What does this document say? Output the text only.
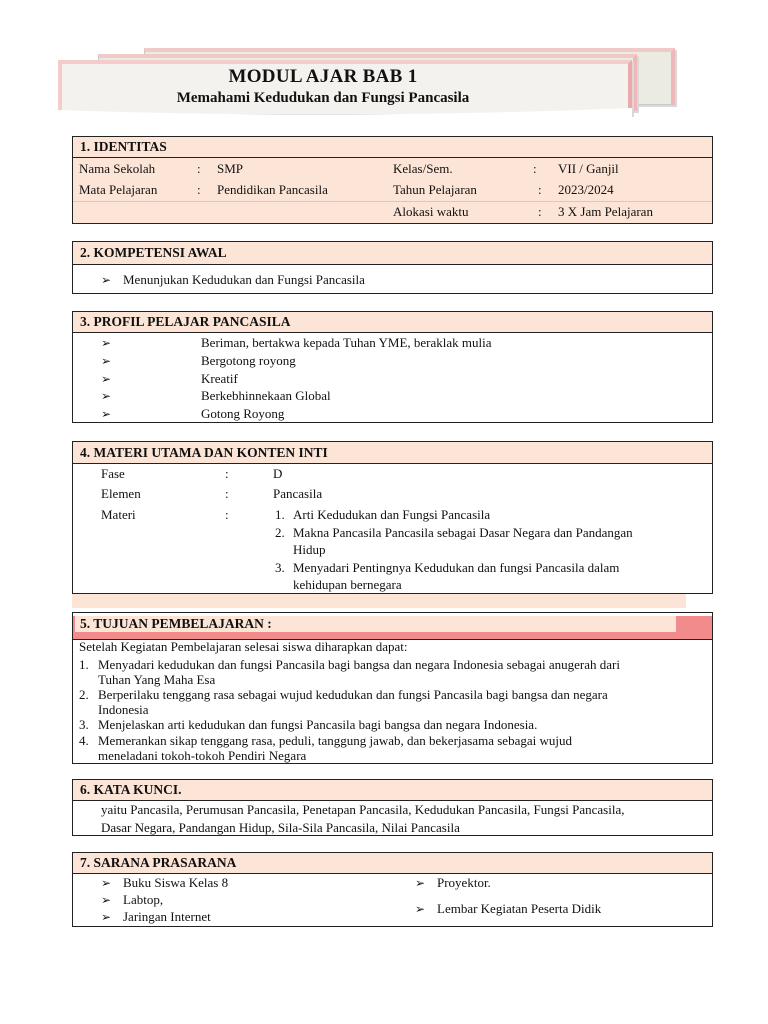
MODUL AJAR BAB 1
Memahami Kedudukan dan Fungsi Pancasila
1. IDENTITAS
Nama Sekolah	: SMP	Kelas/Sem.	: VII / Ganjil
Mata Pelajaran	: Pendidikan Pancasila	Tahun Pelajaran	: 2023/2024
Alokasi waktu	: 3 X Jam Pelajaran
2. KOMPETENSI AWAL
➢ Menunjukan Kedudukan dan Fungsi Pancasila
3. PROFIL PELAJAR PANCASILA
➢	Beriman, bertakwa kepada Tuhan YME, beraklak mulia
➢	Bergotong royong
➢	Kreatif
➢	Berkebhinnekaan Global
➢	Gotong Royong
4. MATERI UTAMA DAN KONTEN INTI
Fase	:	D
Elemen	:	Pancasila
Materi	:	1. Arti Kedudukan dan Fungsi Pancasila
2. Makna Pancasila Pancasila sebagai Dasar Negara dan Pandangan
Hidup
3. Menyadari Pentingnya Kedudukan dan fungsi Pancasila dalam
kehidupan bernegara
5. TUJUAN PEMBELAJARAN :
Setelah Kegiatan Pembelajaran selesai siswa diharapkan dapat:
1. Menyadari kedudukan dan fungsi Pancasila bagi bangsa dan negara Indonesia sebagai anugerah dari
Tuhan Yang Maha Esa
2. Berperilaku tenggang rasa sebagai wujud kedudukan dan fungsi Pancasila bagi bangsa dan negara
Indonesia
3. Menjelaskan arti kedudukan dan fungsi Pancasila bagi bangsa dan negara Indonesia.
4. Memerankan sikap tenggang rasa, peduli, tanggung jawab, dan bekerjasama sebagai wujud
meneladani tokoh-tokoh Pendiri Negara
6. KATA KUNCI.
yaitu Pancasila, Perumusan Pancasila, Penetapan Pancasila, Kedudukan Pancasila, Fungsi Pancasila,
Dasar Negara, Pandangan Hidup, Sila-Sila Pancasila, Nilai Pancasila
7. SARANA PRASARANA
➢ Buku Siswa Kelas 8
➢ Labtop,
➢ Jaringan Internet
➢ Proyektor.
➢ Lembar Kegiatan Peserta Didik
